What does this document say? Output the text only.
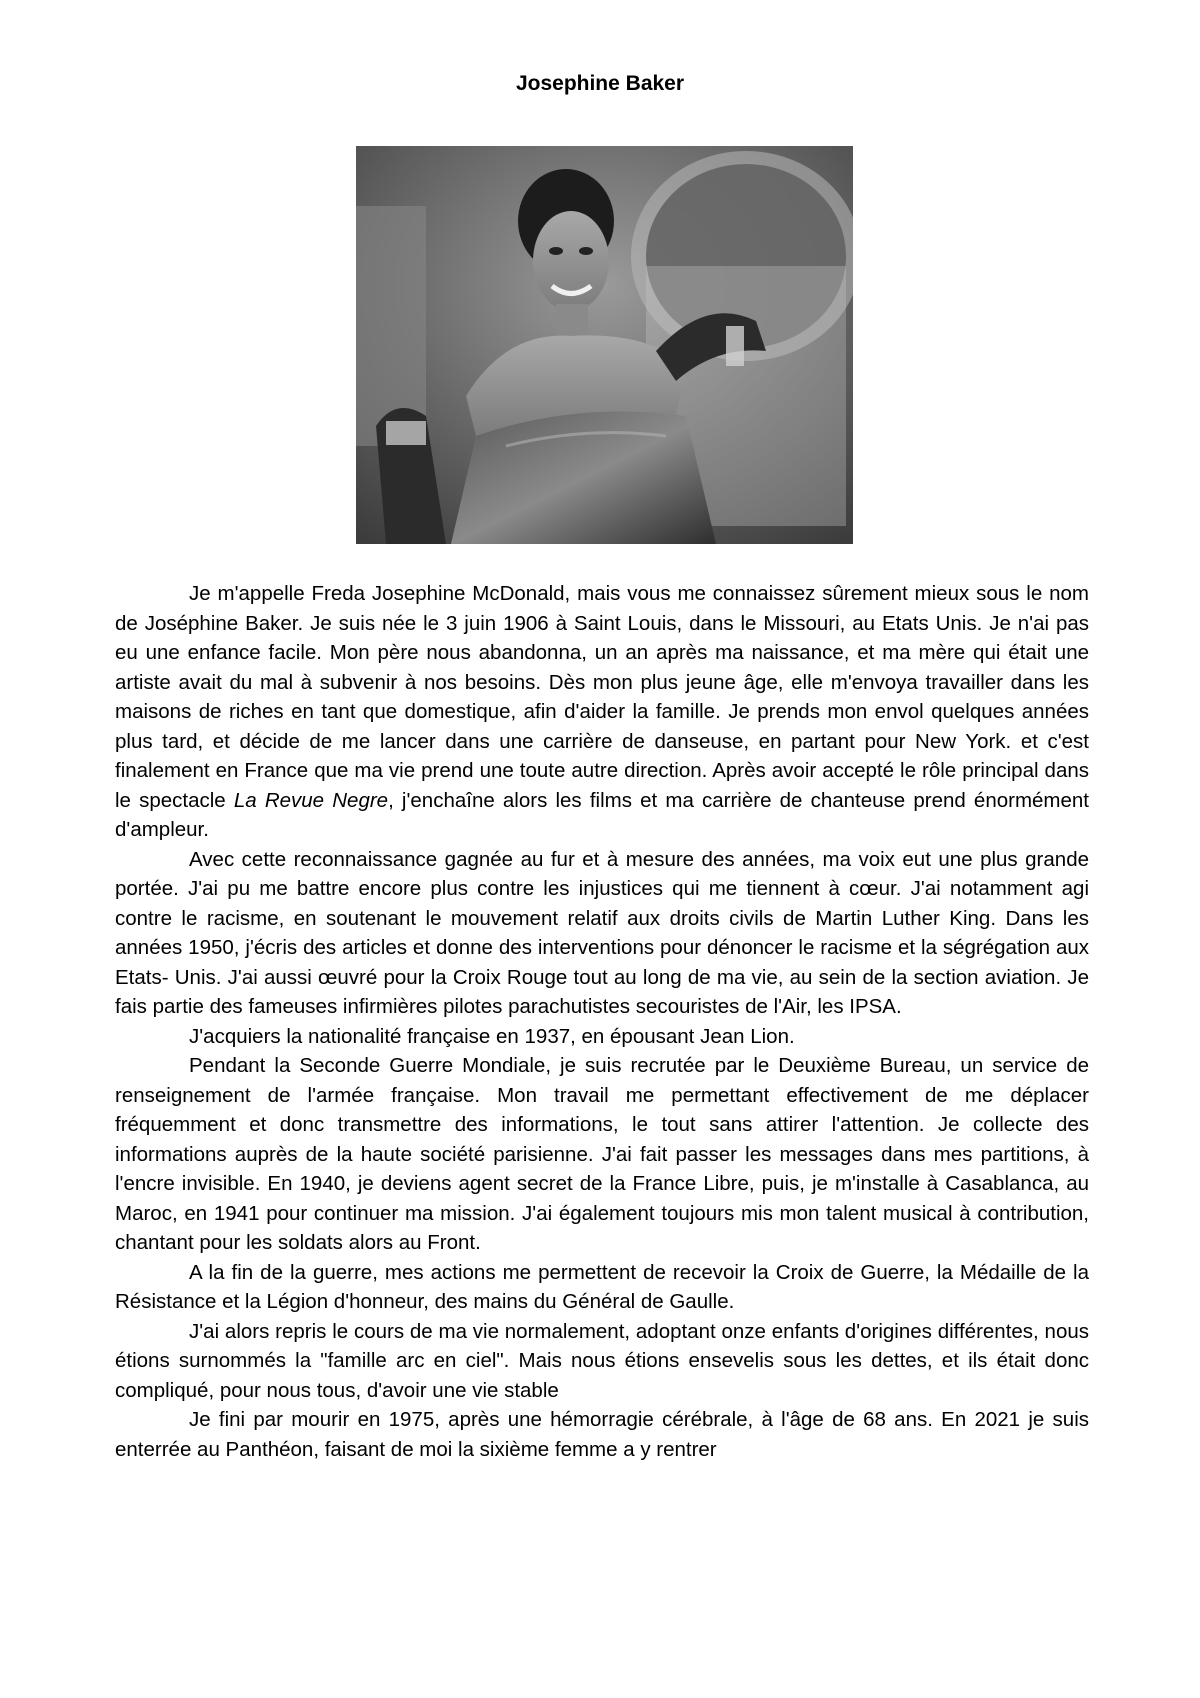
Josephine Baker

Je m'appelle Freda Josephine McDonald, mais vous me connaissez sûrement mieux sous le nom de Joséphine Baker. Je suis née le 3 juin 1906 à Saint Louis, dans le Missouri, au Etats Unis. Je n'ai pas eu une enfance facile. Mon père nous abandonna, un an après ma naissance, et ma mère qui était une artiste avait du mal à subvenir à nos besoins. Dès mon plus jeune âge, elle m'envoya travailler dans les maisons de riches en tant que domestique, afin d'aider la famille. Je prends mon envol quelques années plus tard, et décide de me lancer dans une carrière de danseuse, en partant pour New York. et c'est finalement en France que ma vie prend une toute autre direction. Après avoir accepté le rôle principal dans le spectacle La Revue Negre, j'enchaîne alors les films et ma carrière de chanteuse prend énormément d'ampleur.

Avec cette reconnaissance gagnée au fur et à mesure des années, ma voix eut une plus grande portée. J'ai pu me battre encore plus contre les injustices qui me tiennent à cœur. J'ai notamment agi contre le racisme, en soutenant le mouvement relatif aux droits civils de Martin Luther King. Dans les années 1950, j'écris des articles et donne des interventions pour dénoncer le racisme et la ségrégation aux Etats- Unis. J'ai aussi œuvré pour la Croix Rouge tout au long de ma vie, au sein de la section aviation. Je fais partie des fameuses infirmières pilotes parachutistes secouristes de l'Air, les IPSA.

J'acquiers la nationalité française en 1937, en épousant Jean Lion.

Pendant la Seconde Guerre Mondiale, je suis recrutée par le Deuxième Bureau, un service de renseignement de l'armée française. Mon travail me permettant effectivement de me déplacer fréquemment et donc transmettre des informations, le tout sans attirer l'attention. Je collecte des informations auprès de la haute société parisienne. J'ai fait passer les messages dans mes partitions, à l'encre invisible. En 1940, je deviens agent secret de la France Libre, puis, je m'installe à Casablanca, au Maroc, en 1941 pour continuer ma mission. J'ai également toujours mis mon talent musical à contribution, chantant pour les soldats alors au Front.

A la fin de la guerre, mes actions me permettent de recevoir la Croix de Guerre, la Médaille de la Résistance et la Légion d'honneur, des mains du Général de Gaulle.

J'ai alors repris le cours de ma vie normalement, adoptant onze enfants d'origines différentes, nous étions surnommés la "famille arc en ciel". Mais nous étions ensevelis sous les dettes, et ils était donc compliqué, pour nous tous, d'avoir une vie stable

Je fini par mourir en 1975, après une hémorragie cérébrale, à l'âge de 68 ans. En 2021 je suis enterrée au Panthéon, faisant de moi la sixième femme a y rentrer
